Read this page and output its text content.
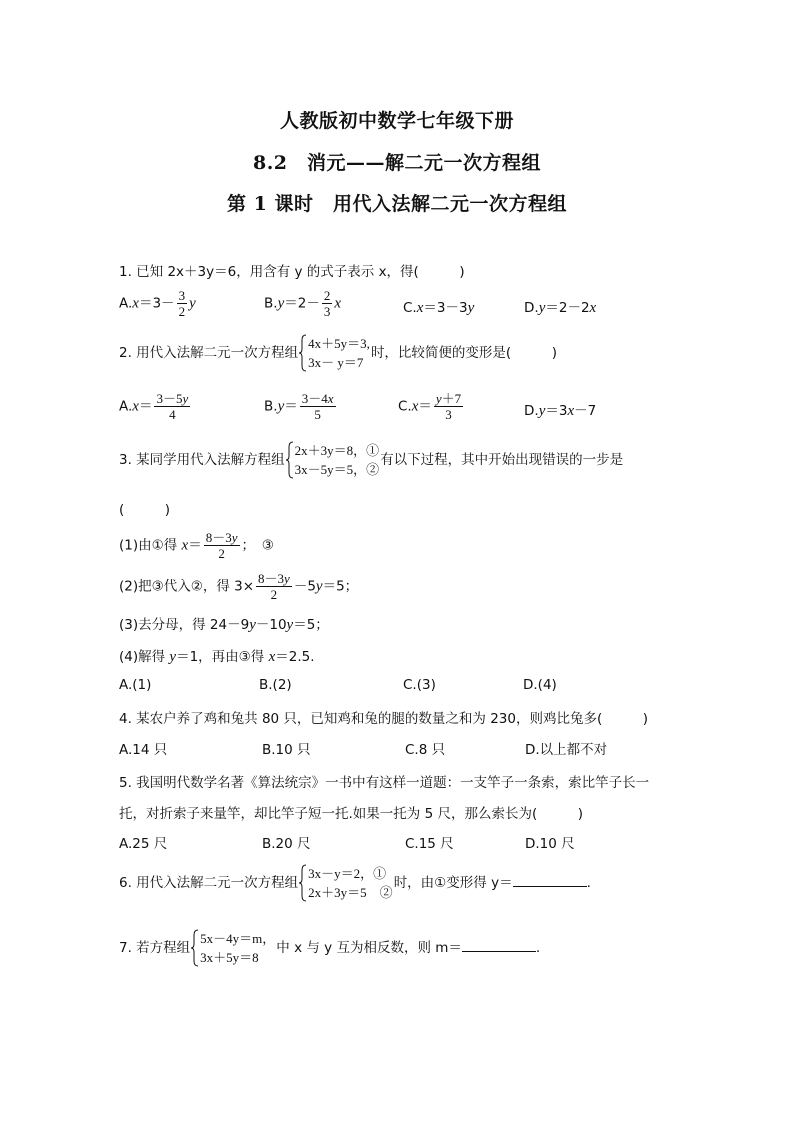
人教版初中数学七年级下册
8.2　消元——解二元一次方程组
第 1 课时　用代入法解二元一次方程组
1. 已知 2x＋3y＝6，用含有 y 的式子表示 x，得(　　　)
$A.x=3- \frac{3}{2}$ y	$B.y=2- \frac{2}{3}$ x	C.x＝3－3y	D.y＝2－2x
2. 用代入法解二元一次方程组
4x＋5y＝3,
3x－ y＝7
时，比较简便的变形是(　　　)
$A.x= \frac{3-5y}{4}$	$B.y= \frac{3-4x}{5}$	$C.x= \frac{y+7}{3}$	D.y＝3x－7
3. 某同学用代入法解方程组
2x＋3y＝8，①
3x－5y＝5，②
有以下过程，其中开始出现错误的一步是
(　　　)
(1)由①得 $x= \frac{8-3y}{2}$ ；　③
(2)把③代入②，得 $3\times \frac{8-3y}{2} -5y=5$；
(3)去分母，得 24－9y－10y＝5；
(4)解得 y＝1，再由③得 x＝2.5.
A.(1)	B.(2)	C.(3)	D.(4)
4. 某农户养了鸡和兔共 80 只，已知鸡和兔的腿的数量之和为 230，则鸡比兔多(　　　)
A.14 只	B.10 只	C.8 只	D.以上都不对
5. 我国明代数学名著《算法统宗》一书中有这样一道题：一支竿子一条索，索比竿子长一
托，对折索子来量竿，却比竿子短一托.如果一托为 5 尺，那么索长为(　　　)
A.25 尺	B.20 尺	C.15 尺	D.10 尺
6. 用代入法解二元一次方程组
3x－y＝2，①
2x＋3y＝5　②
时，由①变形得 y＝	.
7. 若方程组
5x－4y＝m，
3x＋5y＝8
中 x 与 y 互为相反数，则 m＝	.
